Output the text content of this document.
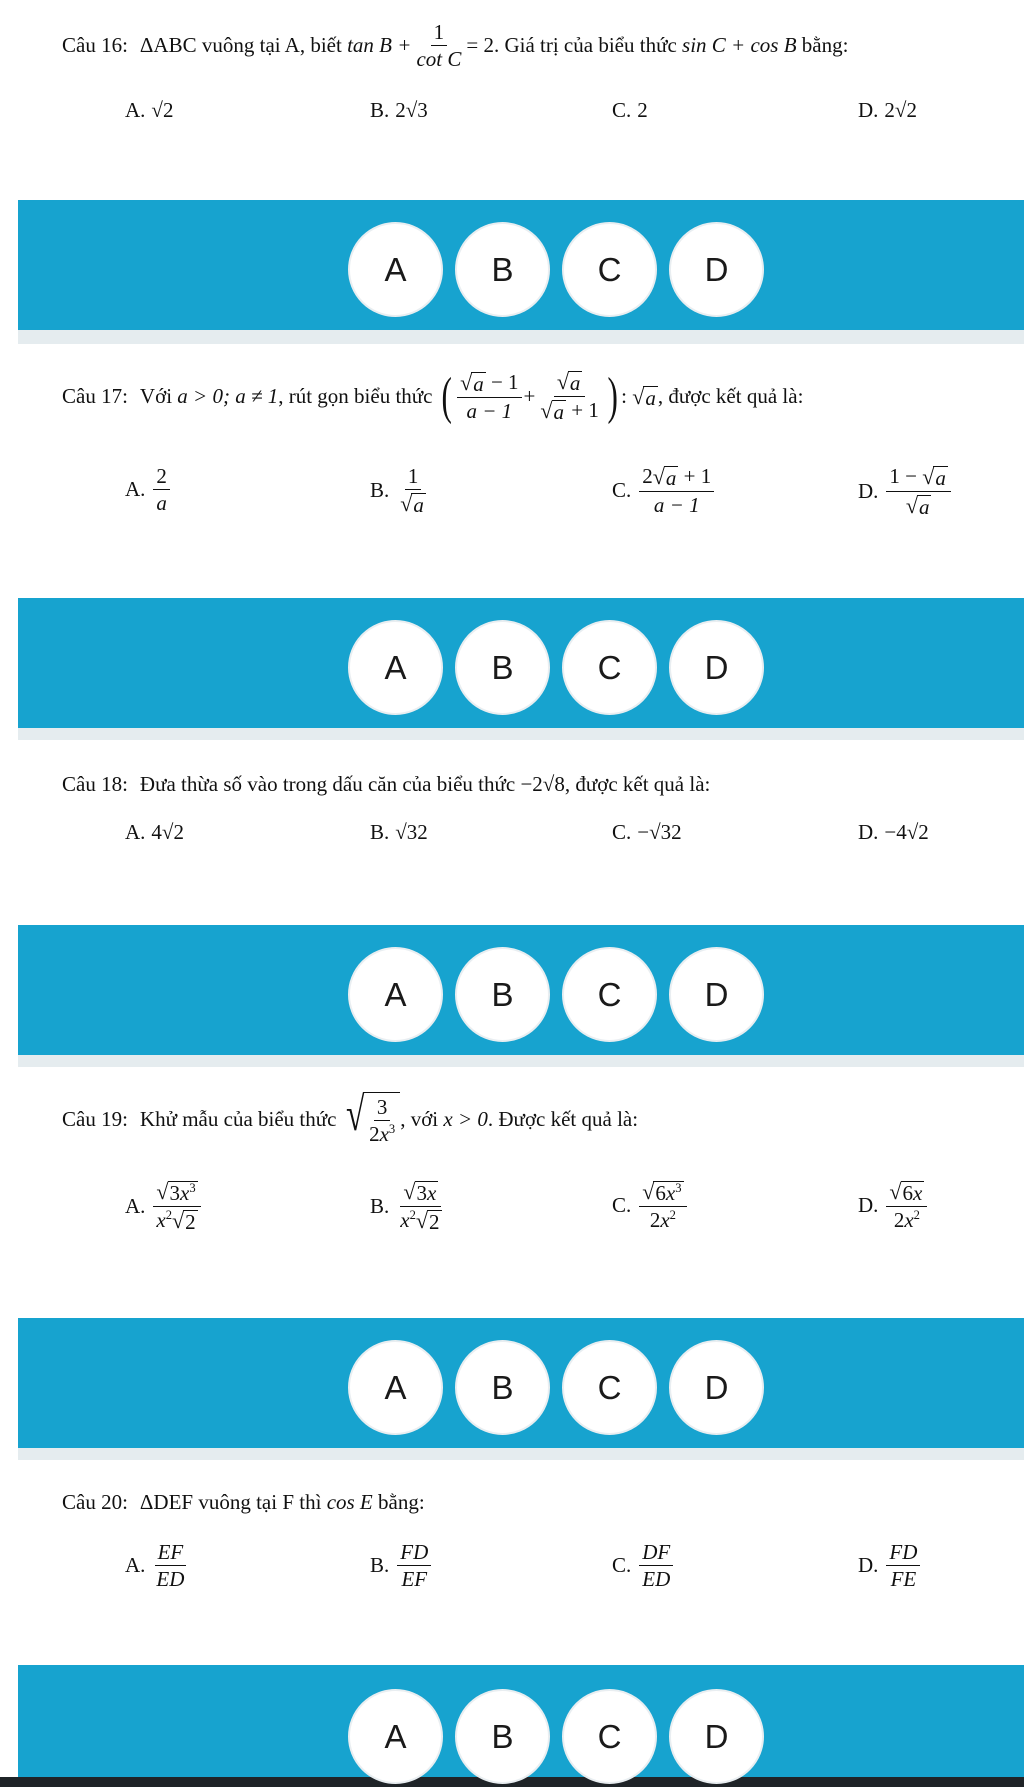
Câu 16: ΔABC vuông tại A, biết
$\tan B + \frac{1}{\text{cot C}} = 2$ . Giá trị của biểu thức
sin C + cos B
bằng:
A. √2	B. 2√3	C. 2	D. 2√2
A	B	C	D
Câu 17: Với
a > 0; a ≠ 1 , rút gọn biểu thức
( $\frac{√ a - 1}{a - 1} + \frac{√ a}{√ a + 1}$ ) : √ a , được kết quả là:
A. $\frac{2}{a}$	B. $\frac{1}{√ a}$	C. $\frac{2 √ a + 1}{a - 1}$	D. $\frac{1 - √ a}{√ a}$
A	B	C	D
Câu 18: Đưa thừa số vào trong dấu căn của biểu thức
−2√8 , được kết quả là:
A. 4√2	B. √32	C. −√32	D. −4√2
A	B	C	D
Câu 19: Khử mẫu của biểu thức
√ $\frac{3}{2x^3}$ , với
x > 0 . Được kết quả là:
A. $\frac{√ 3x^3}{x^2 √ 2}$	B. $\frac{√ 3x}{x^2 √ 2}$	C. $\frac{√ 6x^3}{2x^2}$	D. $\frac{√ 6x}{2x^2}$
A	B	C	D
Câu 20: ΔDEF vuông tại F thì
cos E
bằng:
A. $\frac{EF}{ED}$	B. $\frac{FD}{EF}$	C. $\frac{DF}{ED}$	D. $\frac{FD}{FE}$
A	B	C	D
